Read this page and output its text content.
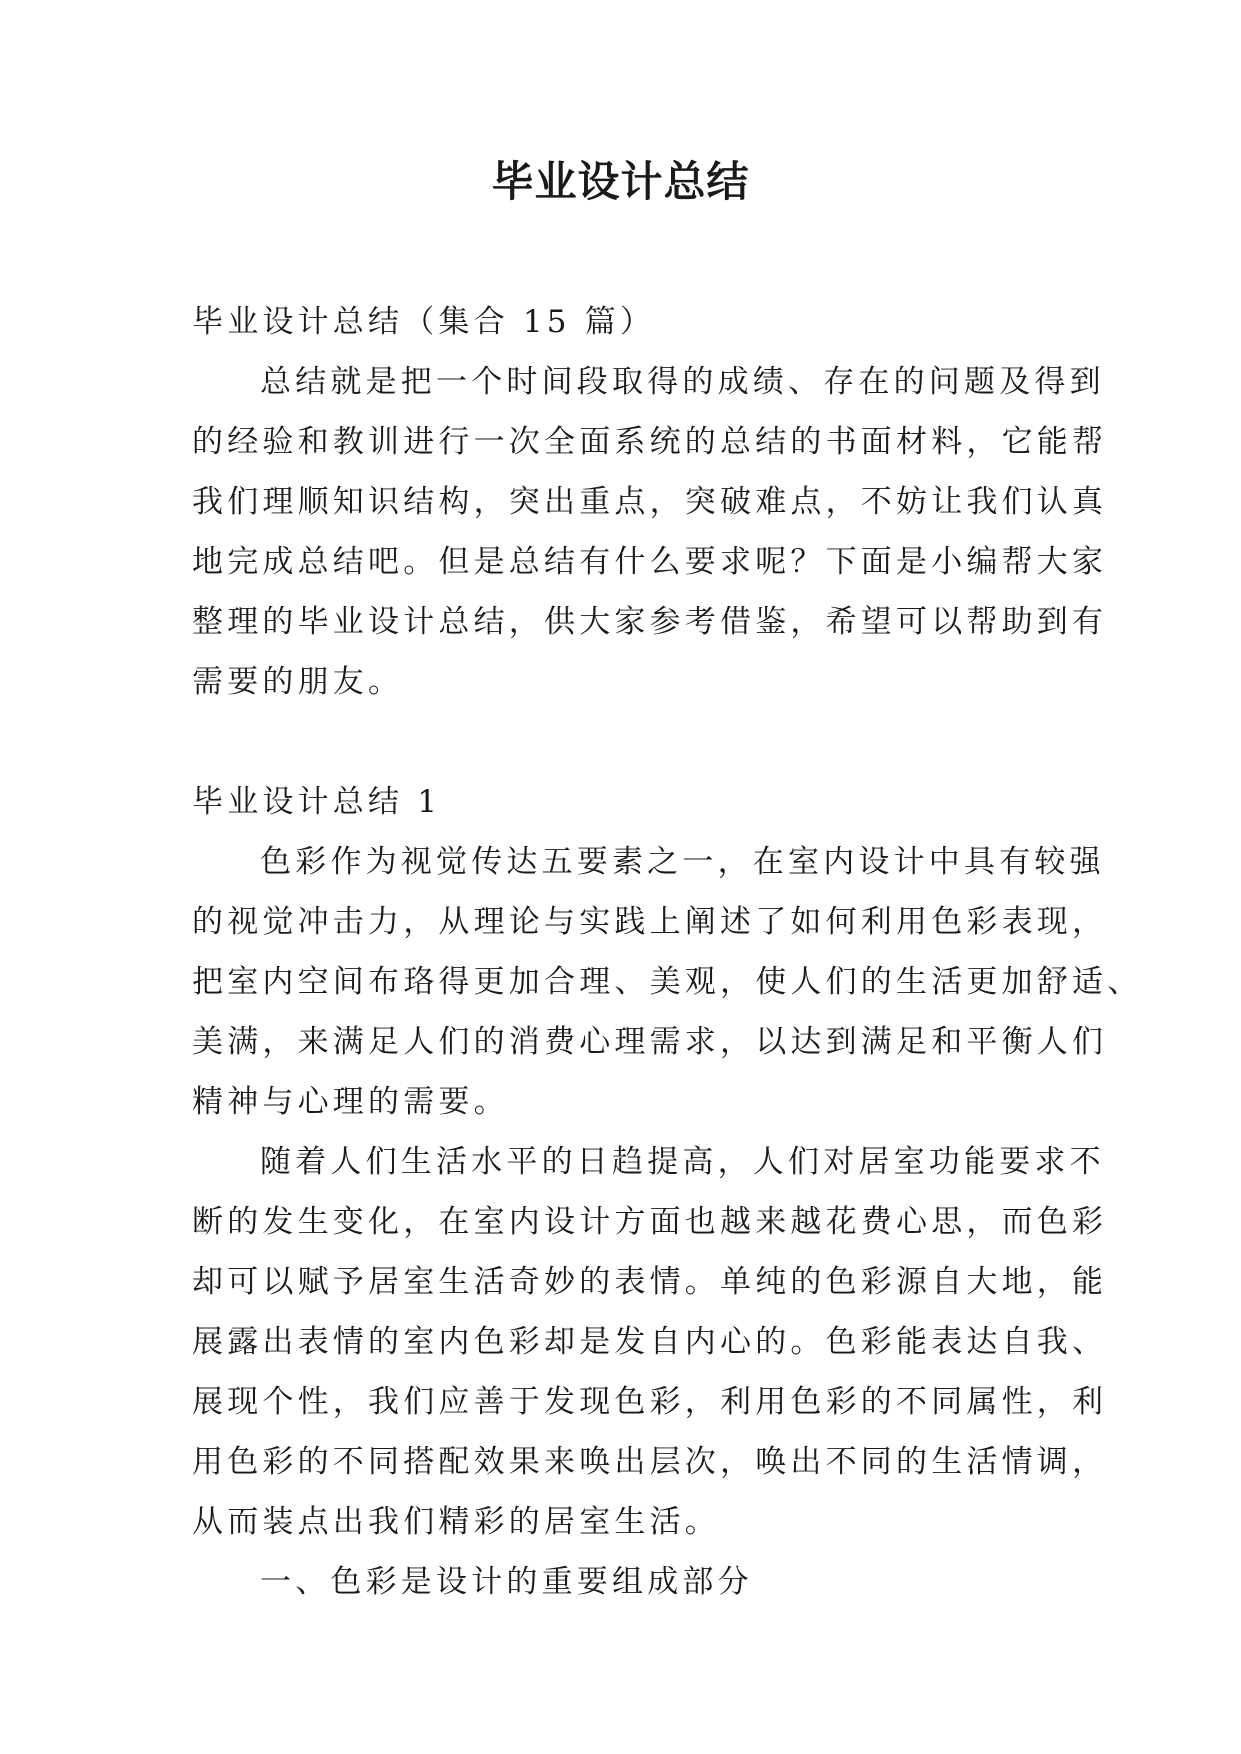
毕业设计总结
毕业设计总结（集合 15 篇）
总结就是把一个时间段取得的成绩、存在的问题及得到
的经验和教训进行一次全面系统的总结的书面材料，它能帮
我们理顺知识结构，突出重点，突破难点，不妨让我们认真
地完成总结吧。但是总结有什么要求呢？下面是小编帮大家
整理的毕业设计总结，供大家参考借鉴，希望可以帮助到有
需要的朋友。
毕业设计总结 1
色彩作为视觉传达五要素之一，在室内设计中具有较强
的视觉冲击力，从理论与实践上阐述了如何利用色彩表现，
把室内空间布珞得更加合理、美观，使人们的生活更加舒适、
美满，来满足人们的消费心理需求，以达到满足和平衡人们
精神与心理的需要。
随着人们生活水平的日趋提高，人们对居室功能要求不
断的发生变化，在室内设计方面也越来越花费心思，而色彩
却可以赋予居室生活奇妙的表情。单纯的色彩源自大地，能
展露出表情的室内色彩却是发自内心的。色彩能表达自我、
展现个性，我们应善于发现色彩，利用色彩的不同属性，利
用色彩的不同搭配效果来唤出层次，唤出不同的生活情调，
从而装点出我们精彩的居室生活。
一、色彩是设计的重要组成部分
